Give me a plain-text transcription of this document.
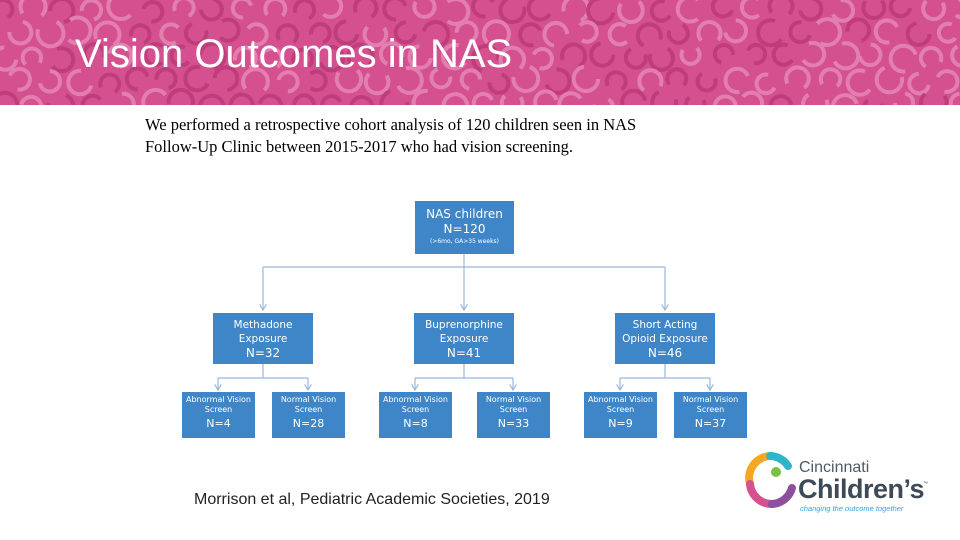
Vision Outcomes in NAS
We performed a retrospective cohort analysis of 120 children seen in NAS
Follow-Up Clinic between 2015-2017 who had vision screening.
NAS children
N=120
(>6mo, GA>35 weeks)
Methadone
Exposure
N=32
Buprenorphine
Exposure
N=41
Short Acting
Opioid Exposure
N=46
Abnormal Vision
Screen
N=4
Normal Vision
Screen
N=28
Abnormal Vision
Screen
N=8
Normal Vision
Screen
N=33
Abnormal Vision
Screen
N=9
Normal Vision
Screen
N=37
Morrison et al, Pediatric Academic Societies, 2019
Cincinnati
Children’s
™
changing the outcome together
